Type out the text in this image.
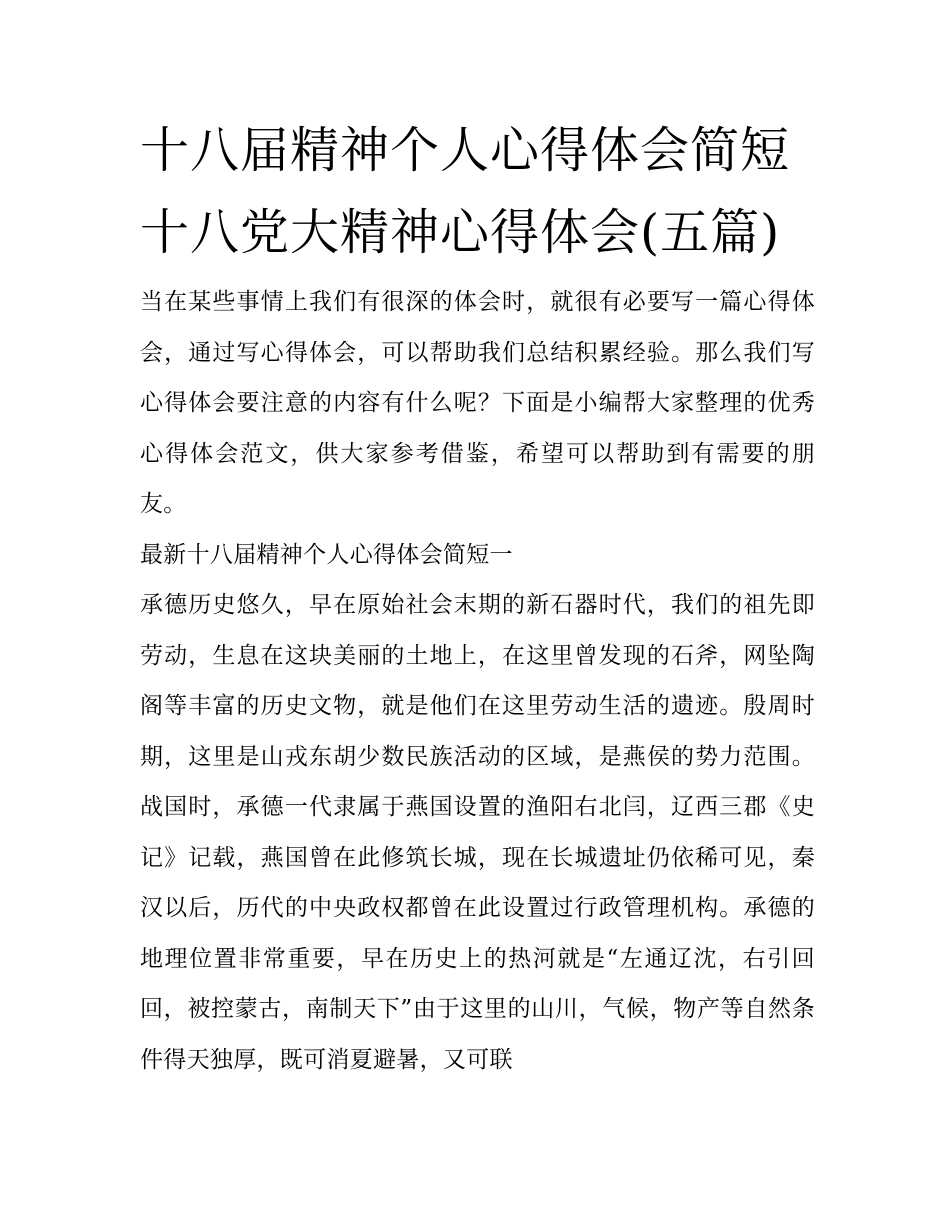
十八届精神个人心得体会简短
十八党大精神心得体会(五篇)

当在某些事情上我们有很深的体会时，就很有必要写一篇心得体会，通过写心得体会，可以帮助我们总结积累经验。那么我们写心得体会要注意的内容有什么呢？下面是小编帮大家整理的优秀心得体会范文，供大家参考借鉴，希望可以帮助到有需要的朋友。

最新十八届精神个人心得体会简短一

承德历史悠久，早在原始社会末期的新石器时代，我们的祖先即劳动，生息在这块美丽的土地上，在这里曾发现的石斧，网坠陶阁等丰富的历史文物，就是他们在这里劳动生活的遗迹。殷周时期，这里是山戎东胡少数民族活动的区域，是燕侯的势力范围。战国时，承德一代隶属于燕国设置的渔阳右北闫，辽西三郡《史记》记载，燕国曾在此修筑长城，现在长城遗址仍依稀可见，秦汉以后，历代的中央政权都曾在此设置过行政管理机构。承德的地理位置非常重要，早在历史上的热河就是“左通辽沈，右引回回，被控蒙古，南制天下”由于这里的山川，气候，物产等自然条件得天独厚，既可消夏避暑，又可联
